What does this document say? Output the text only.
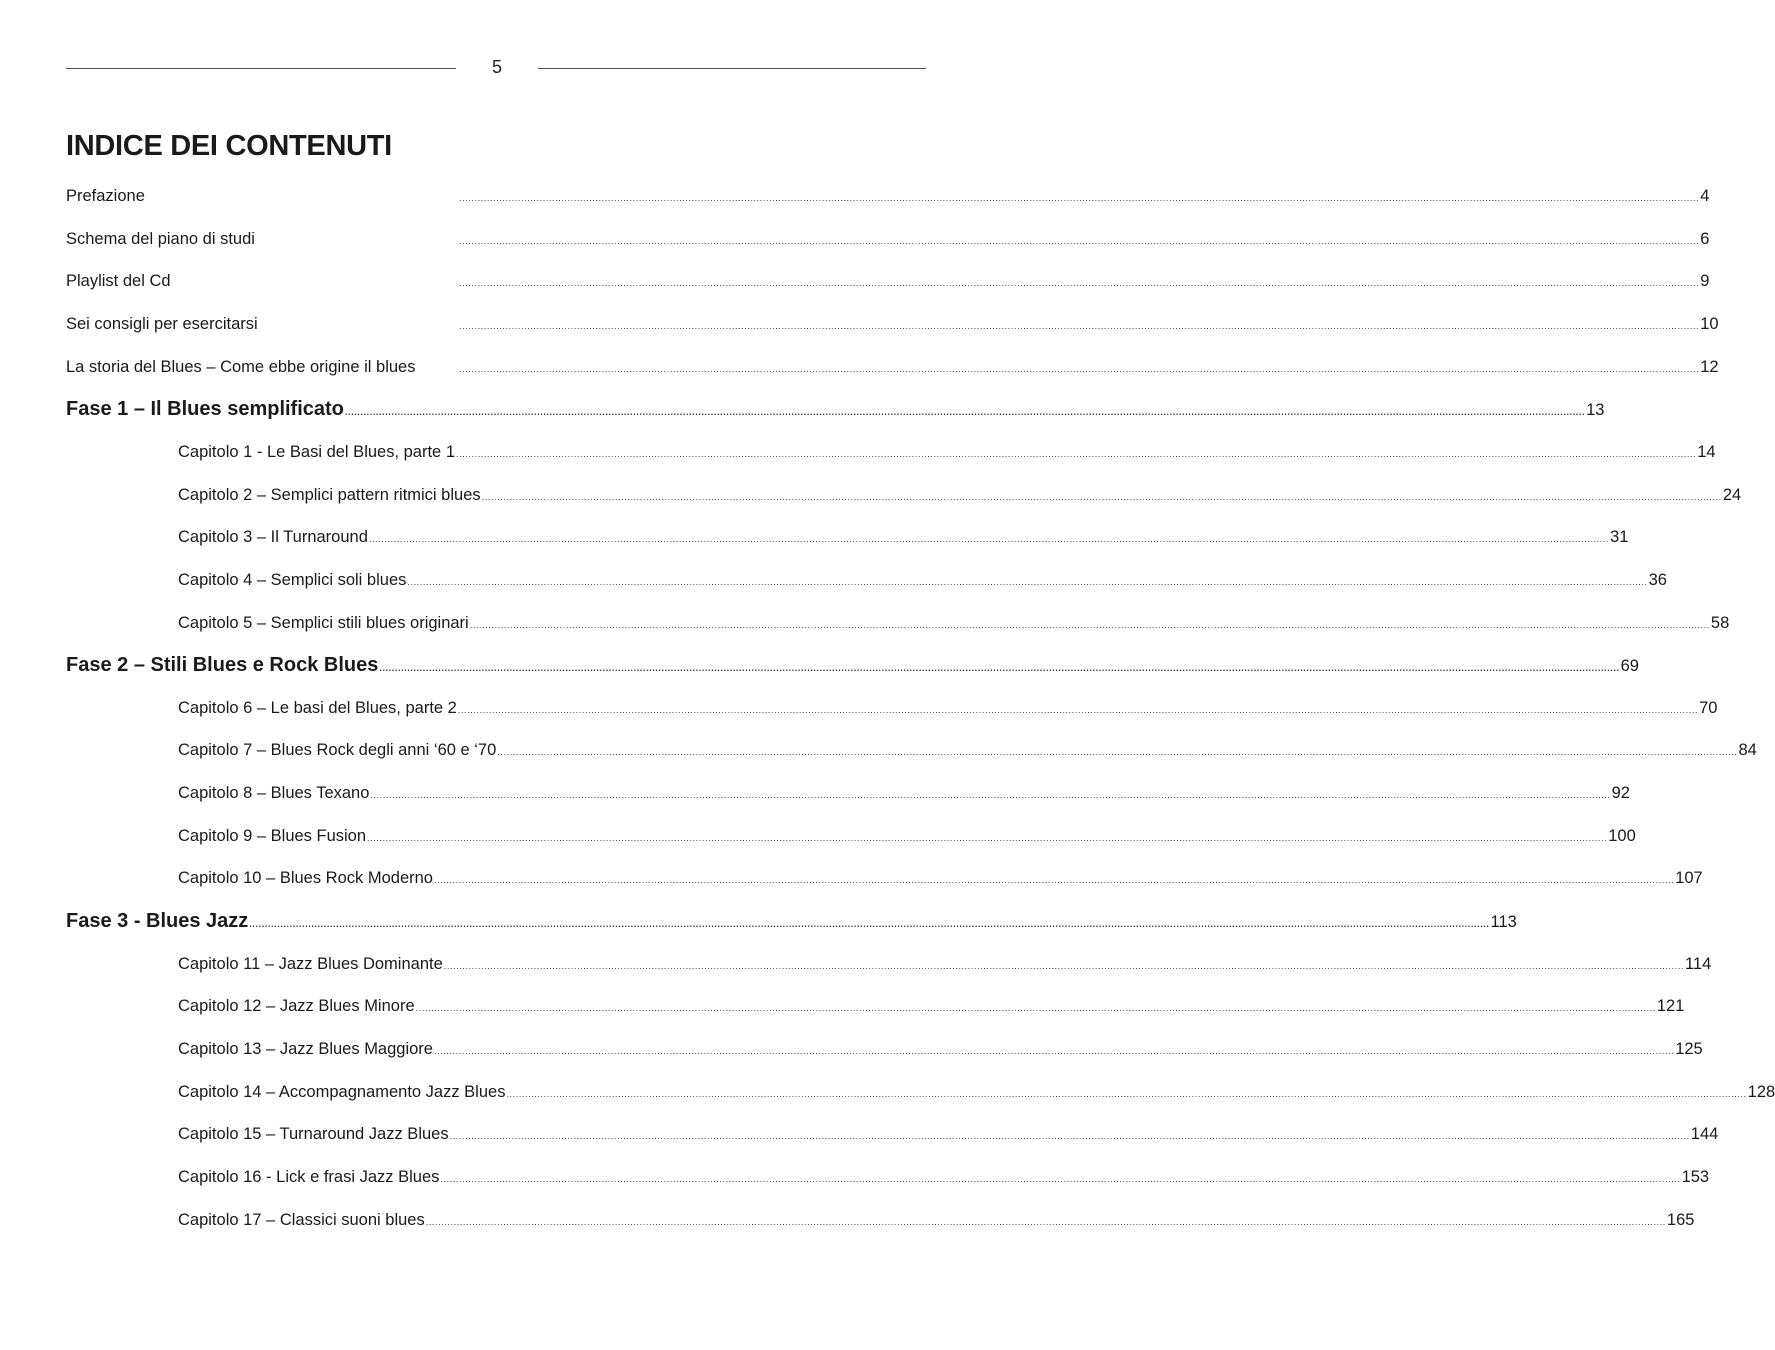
5
INDICE DEI CONTENUTI
Prefazione	................................................................................................................................................................................................................................................................................................................................................................................................................ 4
Schema del piano di studi	................................................................................................................................................................................................................................................................................................................................................................................................................ 6
Playlist del Cd	................................................................................................................................................................................................................................................................................................................................................................................................................ 9
Sei consigli per esercitarsi	................................................................................................................................................................................................................................................................................................................................................................................................................ 10
La storia del Blues – Come ebbe origine il blues	................................................................................................................................................................................................................................................................................................................................................................................................................ 12
Fase 1 – Il Blues semplificato ................................................................................................................................................................................................................................................................................................................................................................................................................ 13
Capitolo 1 - Le Basi del Blues, parte 1 ................................................................................................................................................................................................................................................................................................................................................................................................................ 14
Capitolo 2 – Semplici pattern ritmici blues ................................................................................................................................................................................................................................................................................................................................................................................................................ 24
Capitolo 3 – Il Turnaround ................................................................................................................................................................................................................................................................................................................................................................................................................ 31
Capitolo 4 – Semplici soli blues ................................................................................................................................................................................................................................................................................................................................................................................................................ 36
Capitolo 5 – Semplici stili blues originari ................................................................................................................................................................................................................................................................................................................................................................................................................ 58
Fase 2 – Stili Blues e Rock Blues ................................................................................................................................................................................................................................................................................................................................................................................................................ 69
Capitolo 6 – Le basi del Blues, parte 2 ................................................................................................................................................................................................................................................................................................................................................................................................................ 70
Capitolo 7 – Blues Rock degli anni ‘60 e ‘70 ................................................................................................................................................................................................................................................................................................................................................................................................................ 84
Capitolo 8 – Blues Texano ................................................................................................................................................................................................................................................................................................................................................................................................................ 92
Capitolo 9 – Blues Fusion ................................................................................................................................................................................................................................................................................................................................................................................................................ 100
Capitolo 10 – Blues Rock Moderno ................................................................................................................................................................................................................................................................................................................................................................................................................ 107
Fase 3 - Blues Jazz ................................................................................................................................................................................................................................................................................................................................................................................................................ 113
Capitolo 11 – Jazz Blues Dominante ................................................................................................................................................................................................................................................................................................................................................................................................................ 114
Capitolo 12 – Jazz Blues Minore ................................................................................................................................................................................................................................................................................................................................................................................................................ 121
Capitolo 13 – Jazz Blues Maggiore ................................................................................................................................................................................................................................................................................................................................................................................................................ 125
Capitolo 14 – Accompagnamento Jazz Blues ................................................................................................................................................................................................................................................................................................................................................................................................................ 128
Capitolo 15 – Turnaround Jazz Blues ................................................................................................................................................................................................................................................................................................................................................................................................................ 144
Capitolo 16 - Lick e frasi Jazz Blues ................................................................................................................................................................................................................................................................................................................................................................................................................ 153
Capitolo 17 – Classici suoni blues ................................................................................................................................................................................................................................................................................................................................................................................................................ 165
